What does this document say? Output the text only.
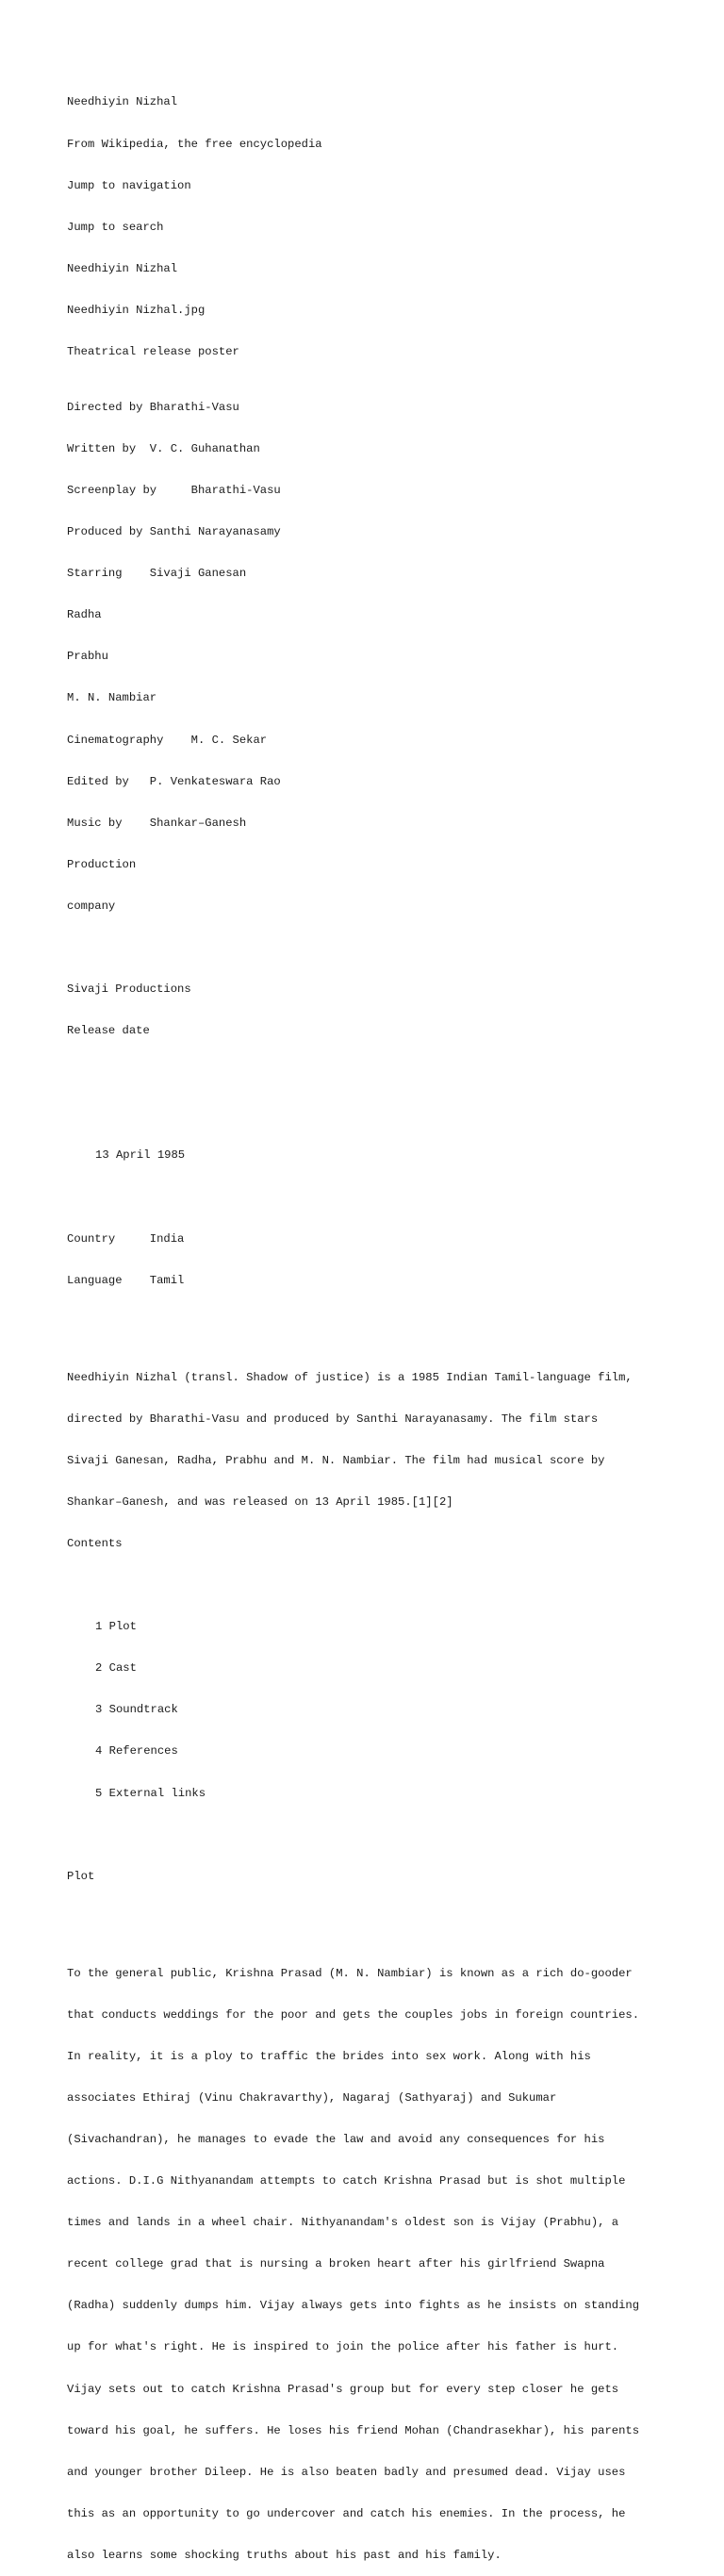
Needhiyin Nizhal

From Wikipedia, the free encyclopedia

Jump to navigation

Jump to search

Needhiyin Nizhal

Needhiyin Nizhal.jpg

Theatrical release poster

Directed by Bharathi-Vasu

Written by V. C. Guhanathan

Screenplay by	Bharathi-Vasu

Produced by Santhi Narayanasamy

Starring Sivaji Ganesan

Radha

Prabhu

M. N. Nambiar

Cinematography M. C. Sekar

Edited by P. Venkateswara Rao

Music by Shankar–Ganesh

Production

company

Sivaji Productions

Release date

13 April 1985

Country	India

Language Tamil

Needhiyin Nizhal (transl. Shadow of justice) is a 1985 Indian Tamil-language film,

directed by Bharathi-Vasu and produced by Santhi Narayanasamy. The film stars

Sivaji Ganesan, Radha, Prabhu and M. N. Nambiar. The film had musical score by

Shankar–Ganesh, and was released on 13 April 1985.[1][2]

Contents

1 Plot

2 Cast

3 Soundtrack

4 References

5 External links

Plot

To the general public, Krishna Prasad (M. N. Nambiar) is known as a rich do-gooder

that conducts weddings for the poor and gets the couples jobs in foreign countries.

In reality, it is a ploy to traffic the brides into sex work. Along with his

associates Ethiraj (Vinu Chakravarthy), Nagaraj (Sathyaraj) and Sukumar

(Sivachandran), he manages to evade the law and avoid any consequences for his

actions. D.I.G Nithyanandam attempts to catch Krishna Prasad but is shot multiple

times and lands in a wheel chair. Nithyanandam's oldest son is Vijay (Prabhu), a

recent college grad that is nursing a broken heart after his girlfriend Swapna

(Radha) suddenly dumps him. Vijay always gets into fights as he insists on standing

up for what's right. He is inspired to join the police after his father is hurt.

Vijay sets out to catch Krishna Prasad's group but for every step closer he gets

toward his goal, he suffers. He loses his friend Mohan (Chandrasekhar), his parents

and younger brother Dileep. He is also beaten badly and presumed dead. Vijay uses

this as an opportunity to go undercover and catch his enemies. In the process, he

also learns some shocking truths about his past and his family.
